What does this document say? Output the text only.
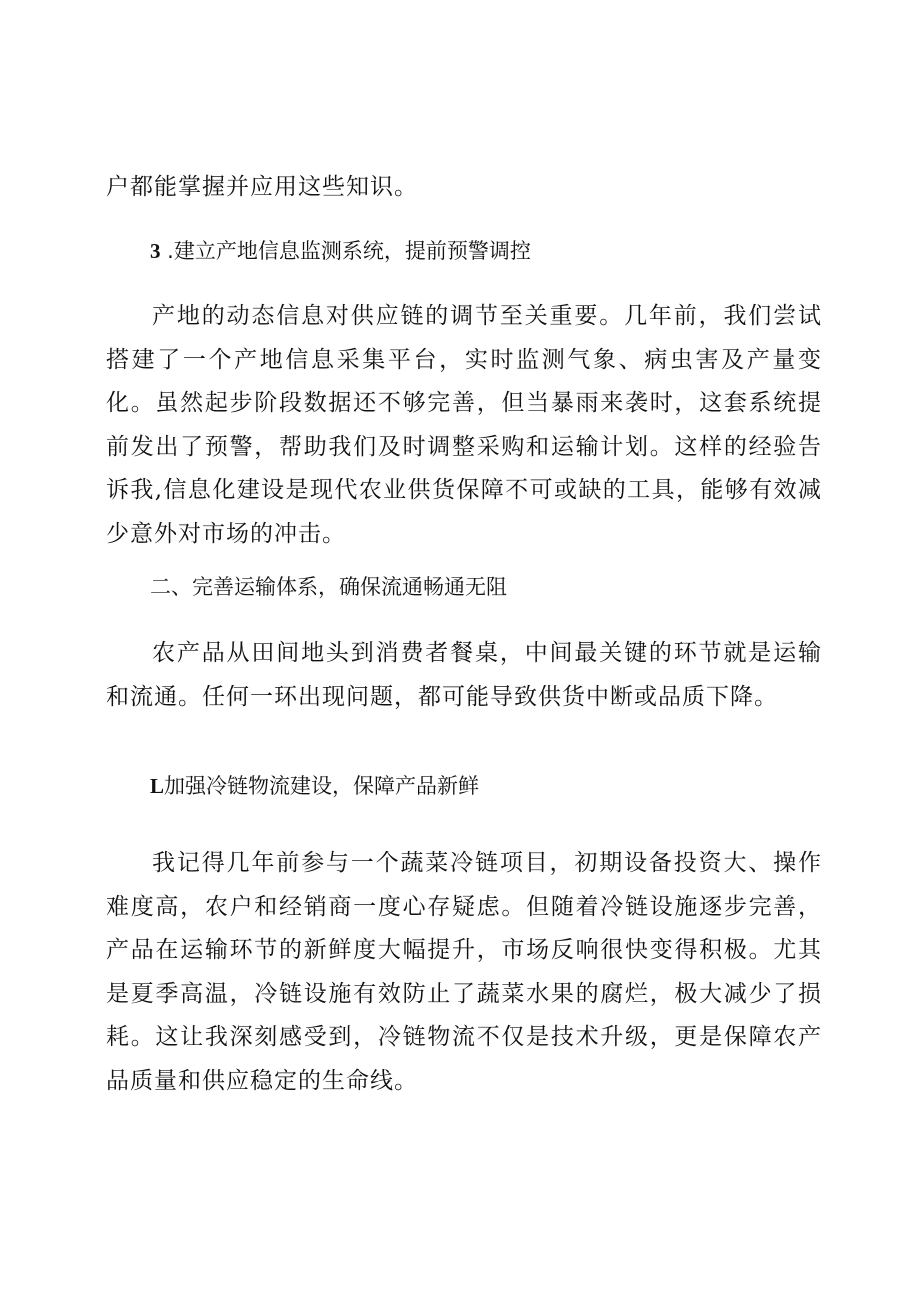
户都能掌握并应用这些知识。

3 .建立产地信息监测系统，提前预警调控

产地的动态信息对供应链的调节至关重要。几年前，我们尝试搭建了一个产地信息采集平台，实时监测气象、病虫害及产量变化。虽然起步阶段数据还不够完善，但当暴雨来袭时，这套系统提前发出了预警，帮助我们及时调整采购和运输计划。这样的经验告诉我,信息化建设是现代农业供货保障不可或缺的工具，能够有效减少意外对市场的冲击。

二、完善运输体系，确保流通畅通无阻

农产品从田间地头到消费者餐桌，中间最关键的环节就是运输和流通。任何一环出现问题，都可能导致供货中断或品质下降。

L加强冷链物流建设，保障产品新鲜

我记得几年前参与一个蔬菜冷链项目，初期设备投资大、操作难度高，农户和经销商一度心存疑虑。但随着冷链设施逐步完善，产品在运输环节的新鲜度大幅提升，市场反响很快变得积极。尤其是夏季高温，冷链设施有效防止了蔬菜水果的腐烂，极大减少了损耗。这让我深刻感受到，冷链物流不仅是技术升级，更是保障农产品质量和供应稳定的生命线。
